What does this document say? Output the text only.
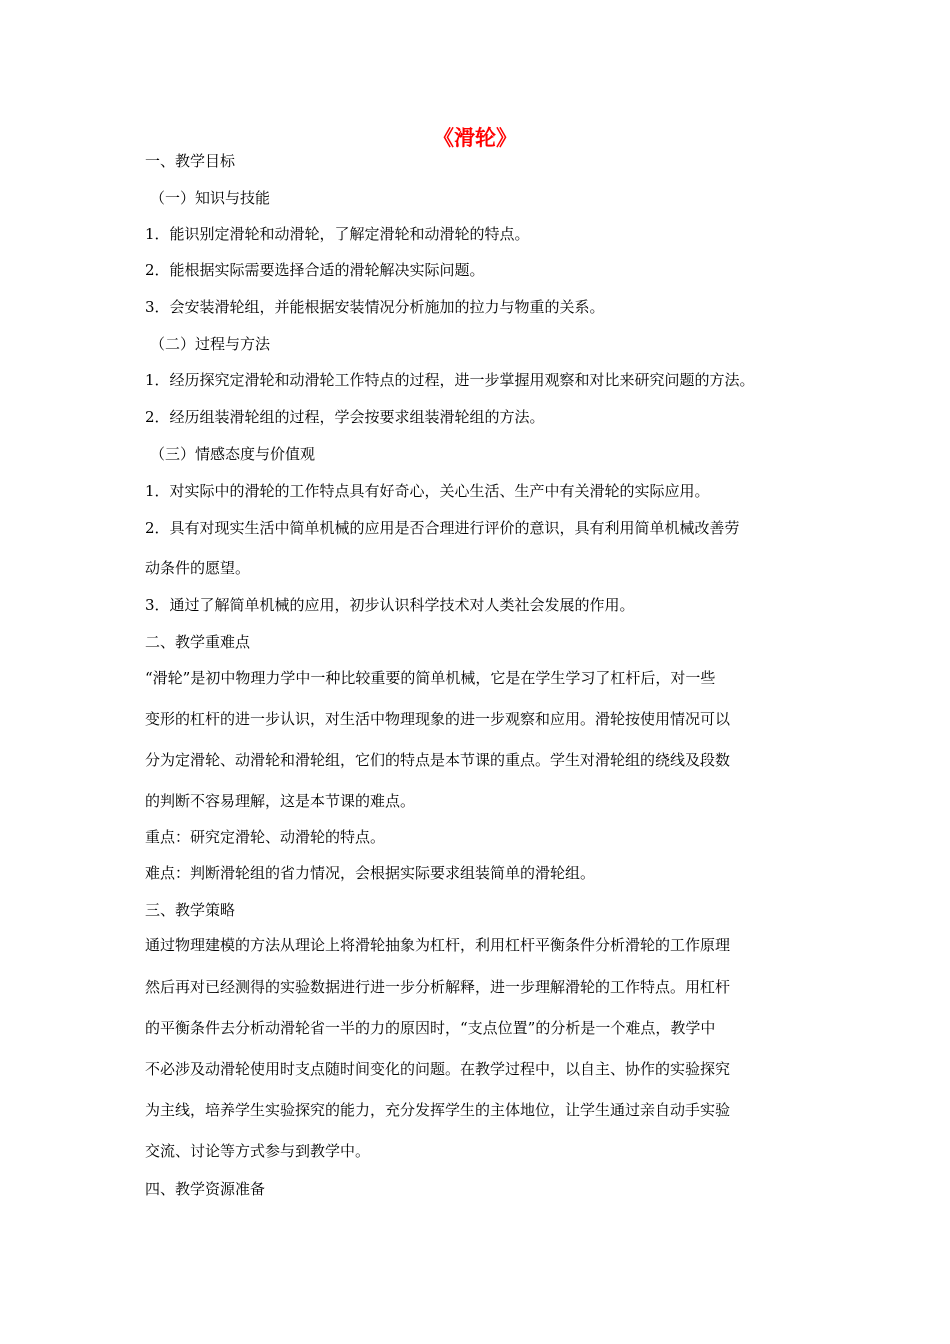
《滑轮》
一、教学目标
（一）知识与技能
1．能识别定滑轮和动滑轮，了解定滑轮和动滑轮的特点。
2．能根据实际需要选择合适的滑轮解决实际问题。
3．会安装滑轮组，并能根据安装情况分析施加的拉力与物重的关系。
（二）过程与方法
1．经历探究定滑轮和动滑轮工作特点的过程，进一步掌握用观察和对比来研究问题的方法。
2．经历组装滑轮组的过程，学会按要求组装滑轮组的方法。
（三）情感态度与价值观
1．对实际中的滑轮的工作特点具有好奇心，关心生活、生产中有关滑轮的实际应用。
2．具有对现实生活中简单机械的应用是否合理进行评价的意识，具有利用简单机械改善劳
动条件的愿望。
3．通过了解简单机械的应用，初步认识科学技术对人类社会发展的作用。
二、教学重难点
“滑轮”是初中物理力学中一种比较重要的简单机械，它是在学生学习了杠杆后，对一些
变形的杠杆的进一步认识，对生活中物理现象的进一步观察和应用。滑轮按使用情况可以
分为定滑轮、动滑轮和滑轮组，它们的特点是本节课的重点。学生对滑轮组的绕线及段数
的判断不容易理解，这是本节课的难点。
重点：研究定滑轮、动滑轮的特点。
难点：判断滑轮组的省力情况，会根据实际要求组装简单的滑轮组。
三、教学策略
通过物理建模的方法从理论上将滑轮抽象为杠杆，利用杠杆平衡条件分析滑轮的工作原理
然后再对已经测得的实验数据进行进一步分析解释，进一步理解滑轮的工作特点。用杠杆
的平衡条件去分析动滑轮省一半的力的原因时，“支点位置”的分析是一个难点，教学中
不必涉及动滑轮使用时支点随时间变化的问题。在教学过程中，以自主、协作的实验探究
为主线，培养学生实验探究的能力，充分发挥学生的主体地位，让学生通过亲自动手实验
交流、讨论等方式参与到教学中。
四、教学资源准备
